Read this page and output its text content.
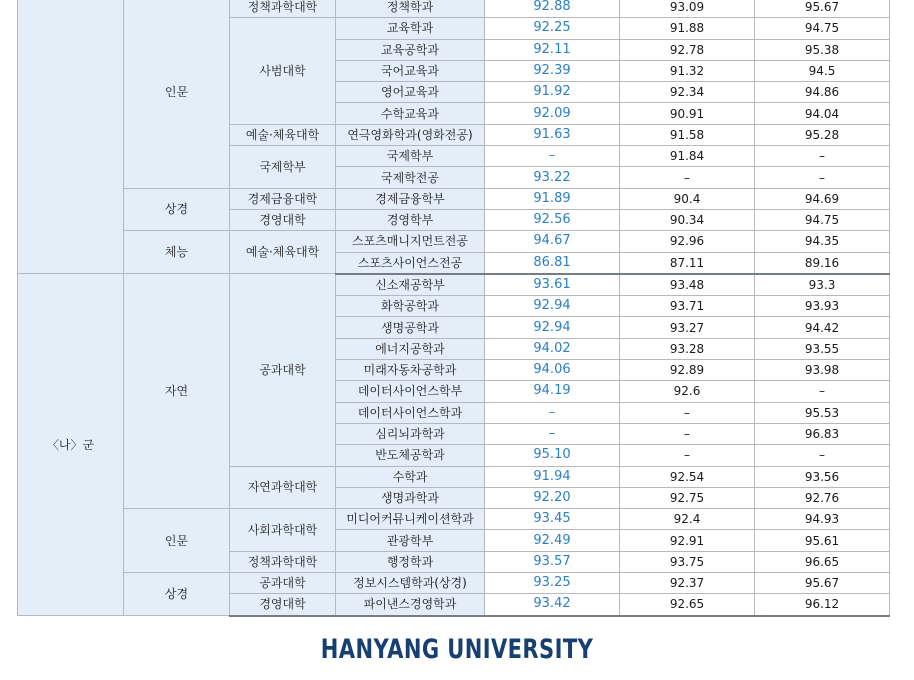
	인문	정책과학대학	정책학과	92.88	93.09	95.67
		사범대학	교육학과	92.25	91.88	94.75
			교육공학과	92.11	92.78	95.38
			국어교육과	92.39	91.32	94.5
			영어교육과	91.92	92.34	94.86
			수학교육과	92.09	90.91	94.04
		예술·체육대학	연극영화학과(영화전공)	91.63	91.58	95.28
		국제학부	국제학부	–	91.84	–
			국제학전공	93.22	–	–
	상경	경제금융대학	경제금융학부	91.89	90.4	94.69
		경영대학	경영학부	92.56	90.34	94.75
	체능	예술·체육대학	스포츠매니지먼트전공	94.67	92.96	94.35
			스포츠사이언스전공	86.81	87.11	89.16
〈나〉군	자연	공과대학	신소재공학부	93.61	93.48	93.3
			화학공학과	92.94	93.71	93.93
			생명공학과	92.94	93.27	94.42
			에너지공학과	94.02	93.28	93.55
			미래자동차공학과	94.06	92.89	93.98
			데이터사이언스학부	94.19	92.6	–
			데이터사이언스학과	–	–	95.53
			심리뇌과학과	–	–	96.83
			반도체공학과	95.10	–	–
		자연과학대학	수학과	91.94	92.54	93.56
			생명과학과	92.20	92.75	92.76
	인문	사회과학대학	미디어커뮤니케이션학과	93.45	92.4	94.93
			관광학부	92.49	92.91	95.61
		정책과학대학	행정학과	93.57	93.75	96.65
	상경	공과대학	정보시스템학과(상경)	93.25	92.37	95.67
		경영대학	파이낸스경영학과	93.42	92.65	96.12
HANYANG UNIVERSITY
